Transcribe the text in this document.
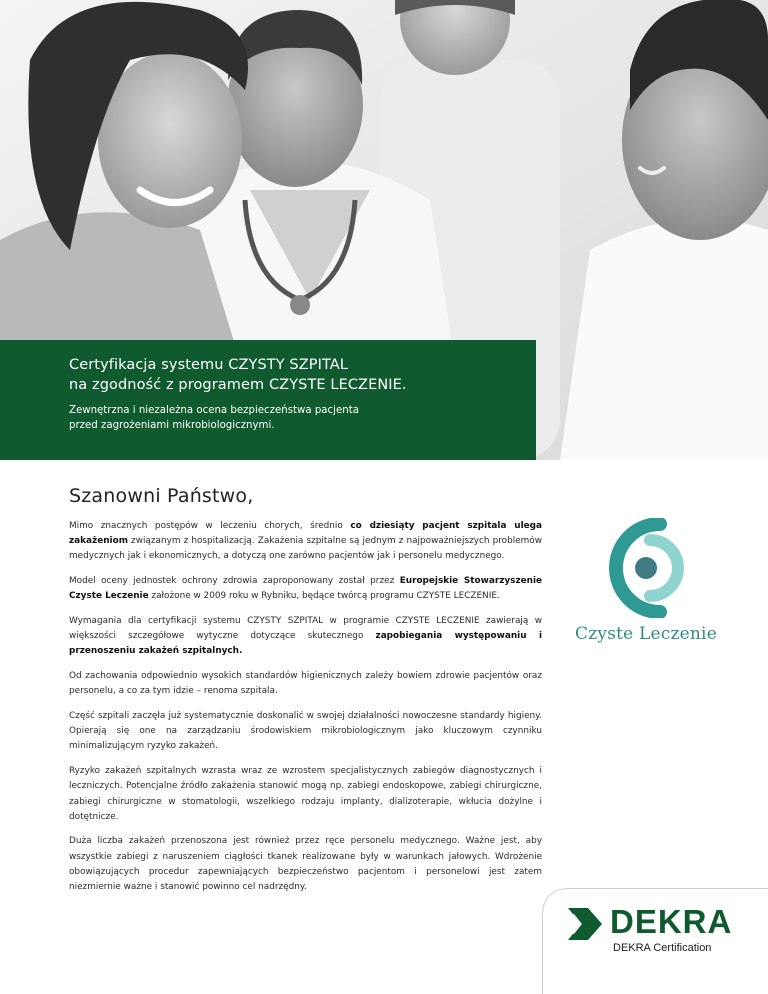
Certyfikacja systemu CZYSTY SZPITAL
na zgodność z programem CZYSTE LECZENIE.
Zewnętrzna i niezależna ocena bezpieczeństwa pacjenta
przed zagrożeniami mikrobiologicznymi.
Szanowni Państwo,

Mimo znacznych postępów w leczeniu chorych, średnio co dziesiąty pacjent szpitala ulega zakażeniom związanym z hospitalizacją. Zakażenia szpitalne są jednym z najpoważniejszych problemów medycznych jak i ekonomicznych, a dotyczą one zarówno pacjentów jak i personelu medycznego.

Model oceny jednostek ochrony zdrowia zaproponowany został przez Europejskie Stowarzyszenie Czyste Leczenie założone w 2009 roku w Rybniku, będące twórcą programu CZYSTE LECZENIE.

Wymagania dla certyfikacji systemu CZYSTY SZPITAL w programie CZYSTE LECZENIE zawierają w większości szczegółowe wytyczne dotyczące skutecznego zapobiegania występowaniu i przenoszeniu zakażeń szpitalnych.

Od zachowania odpowiednio wysokich standardów higienicznych zależy bowiem zdrowie pacjentów oraz personelu, a co za tym idzie – renoma szpitala.

Część szpitali zaczęła już systematycznie doskonalić w swojej działalności nowoczesne standardy higieny. Opierają się one na zarządzaniu środowiskiem mikrobiologicznym jako kluczowym czynniku minimalizującym ryzyko zakażeń.

Ryzyko zakażeń szpitalnych wzrasta wraz ze wzrostem specjalistycznych zabiegów diagnostycznych i leczniczych. Potencjalne źródło zakażenia stanowić mogą np. zabiegi endoskopowe, zabiegi chirurgiczne, zabiegi chirurgiczne w stomatologii, wszelkiego rodzaju implanty, dializoterapie, wkłucia dożylne i dotętnicze.

Duża liczba zakażeń przenoszona jest również przez ręce personelu medycznego. Ważne jest, aby wszystkie zabiegi z naruszeniem ciągłości tkanek realizowane były w warunkach jałowych. Wdrożenie obowiązujących procedur zapewniających bezpieczeństwo pacjentom i personelowi jest zatem niezmiernie ważne i stanowić powinno cel nadrzędny.

Czyste Leczenie
DEKRA
DEKRA Certification
